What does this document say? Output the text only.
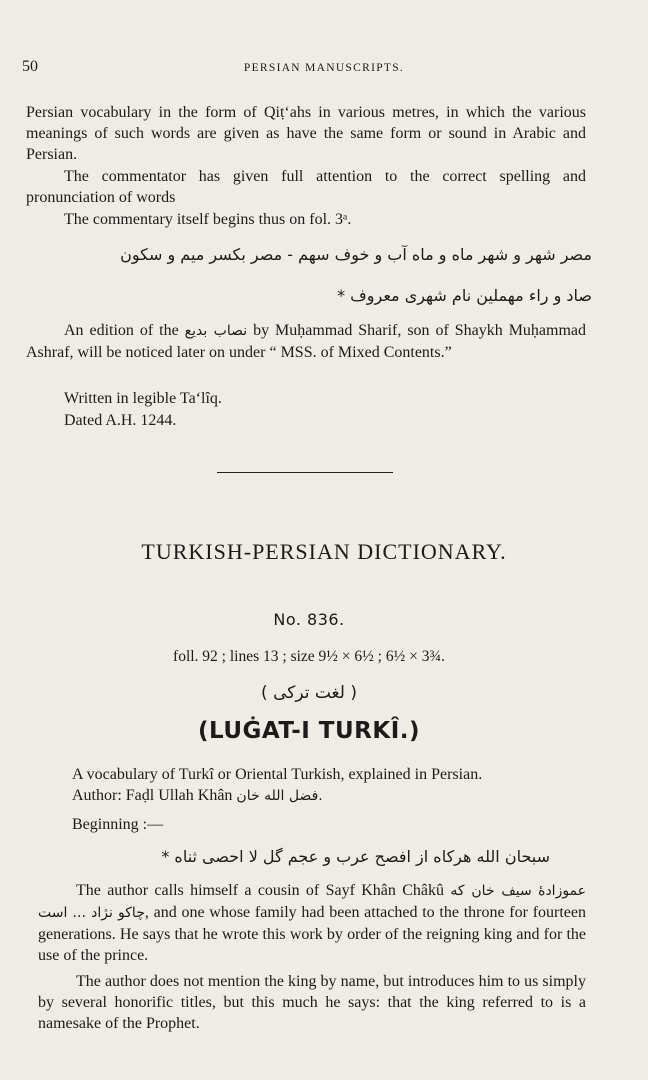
50	PERSIAN MANUSCRIPTS.
Persian vocabulary in the form of Qiṭ‘ahs in various metres, in which the various meanings of such words are given as have the same form or sound in Arabic and Persian.
The commentator has given full attention to the correct spelling and pronunciation of words
The commentary itself begins thus on fol. 3ᵃ.
مصر شهر و شهر ماه و ماه آب و خوف سهم - مصر بکسر میم و سکون
صاد و راء مهملین نام شهری معروف *
An edition of the نصاب بدیع by Muḥammad Sharif, son of Shaykh Muḥammad Ashraf, will be noticed later on under “ MSS. of Mixed Contents.”
Written in legible Ta‘lîq.
Dated A.H. 1244.
TURKISH-PERSIAN DICTIONARY.
No. 836.
foll. 92 ; lines 13 ; size 9½ × 6½ ; 6½ × 3¾.
( لغت ترکی )
(LUĠAT-I TURKÎ.)
A vocabulary of Turkî or Oriental Turkish, explained in Persian.
Author: Faḍl Ullah Khân فضل الله خان.
Beginning :—
سبحان الله هرکاه از افصح عرب و عجم گل لا احصی ثناه *
The author calls himself a cousin of Sayf Khân Châkû	عموزادهٔ سیف خان که چاکو نژاد ... است, and one whose family had been attached to the throne for fourteen generations. He says that he wrote this work by order of the reigning king and for the use of the prince.
The author does not mention the king by name, but introduces him to us simply by several honorific titles, but this much he says: that the king referred to is a namesake of the Prophet.
